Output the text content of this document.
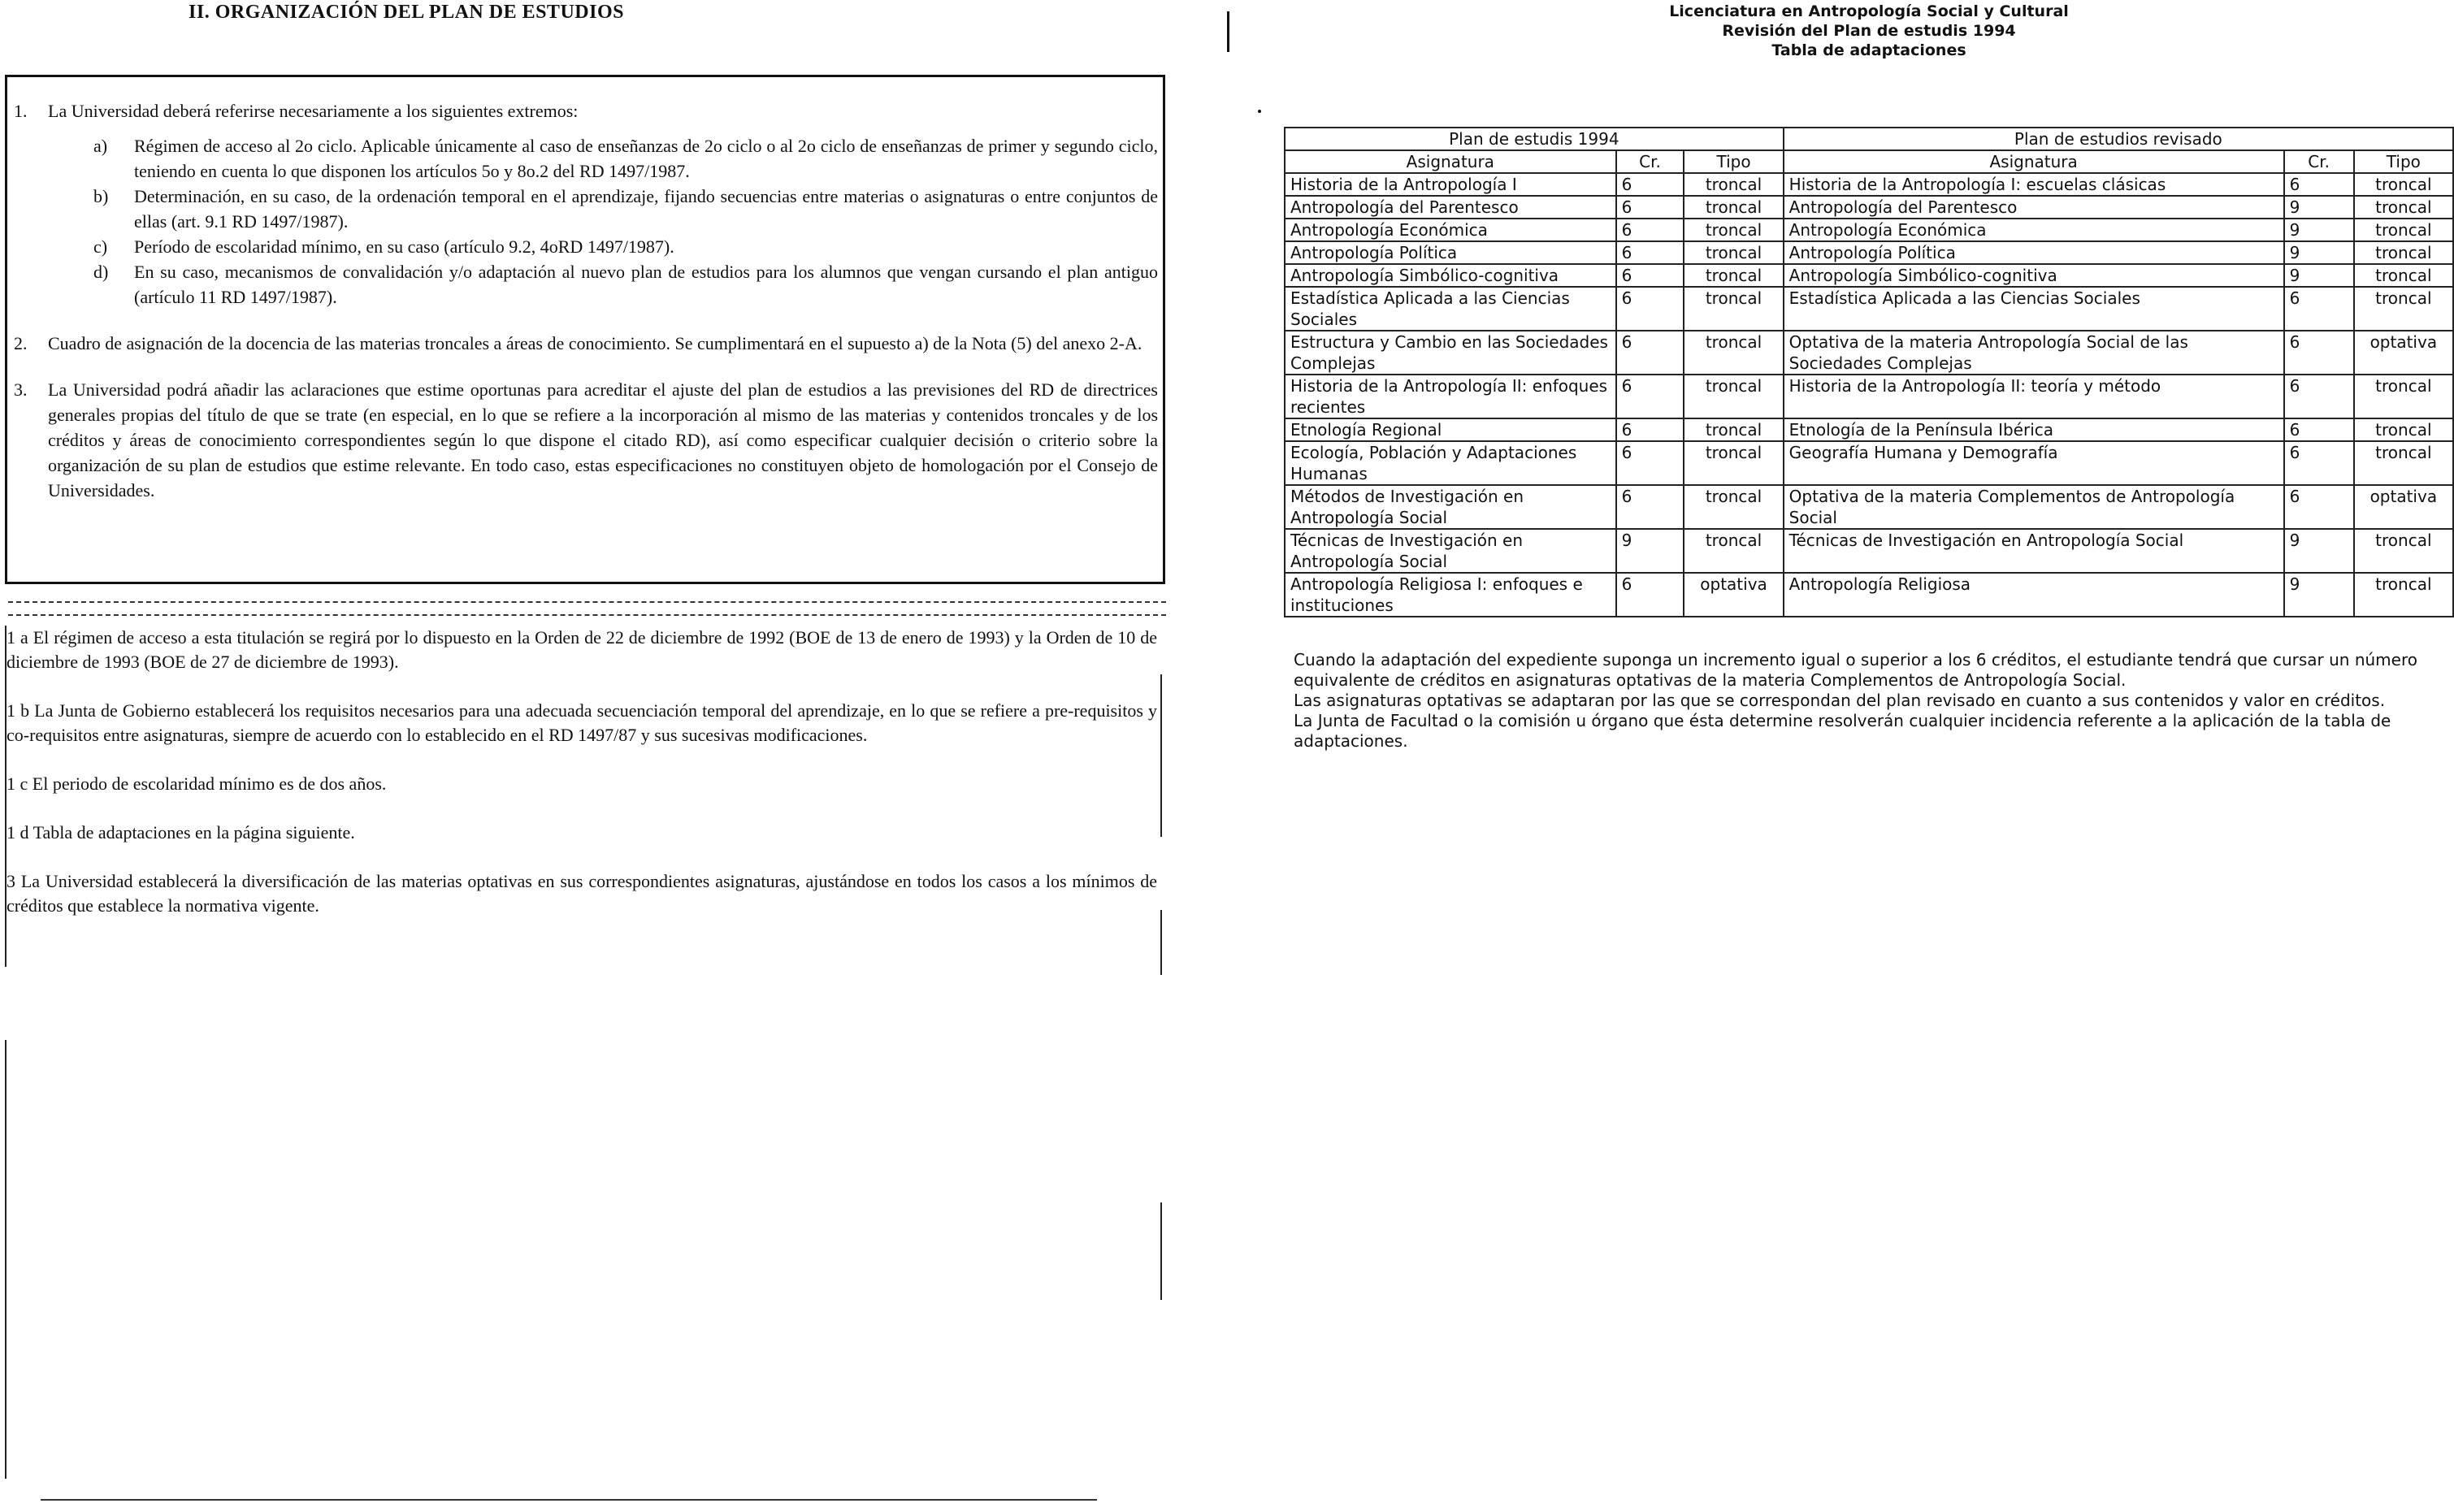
II. ORGANIZACIÓN DEL PLAN DE ESTUDIOS
1.	La Universidad deberá referirse necesariamente a los siguientes extremos:
a)	Régimen de acceso al 2o ciclo. Aplicable únicamente al caso de enseñanzas de 2o ciclo o al 2o ciclo de enseñanzas de primer y segundo ciclo, teniendo en cuenta lo que disponen los artículos 5o y 8o.2 del RD 1497/1987.
b)	Determinación, en su caso, de la ordenación temporal en el aprendizaje, fijando secuencias entre materias o asignaturas o entre conjuntos de ellas (art. 9.1 RD 1497/1987).
c)	Período de escolaridad mínimo, en su caso (artículo 9.2, 4oRD 1497/1987).
d)	En su caso, mecanismos de convalidación y/o adaptación al nuevo plan de estudios para los alumnos que vengan cursando el plan antiguo (artículo 11 RD 1497/1987).
2.	Cuadro de asignación de la docencia de las materias troncales a áreas de conocimiento. Se cumplimentará en el supuesto a) de la Nota (5) del anexo 2-A.
3.	La Universidad podrá añadir las aclaraciones que estime oportunas para acreditar el ajuste del plan de estudios a las previsiones del RD de directrices generales propias del título de que se trate (en especial, en lo que se refiere a la incorporación al mismo de las materias y contenidos troncales y de los créditos y áreas de conocimiento correspondientes según lo que dispone el citado RD), así como especificar cualquier decisión o criterio sobre la organización de su plan de estudios que estime relevante. En todo caso, estas especificaciones no constituyen objeto de homologación por el Consejo de Universidades.
1 a El régimen de acceso a esta titulación se regirá por lo dispuesto en la Orden de 22 de diciembre de 1992 (BOE de 13 de enero de 1993) y la Orden de 10 de diciembre de 1993 (BOE de 27 de diciembre de 1993).
1 b La Junta de Gobierno establecerá los requisitos necesarios para una adecuada secuenciación temporal del aprendizaje, en lo que se refiere a pre-requisitos y co-requisitos entre asignaturas, siempre de acuerdo con lo establecido en el RD 1497/87 y sus sucesivas modificaciones.
1 c El periodo de escolaridad mínimo es de dos años.
1 d Tabla de adaptaciones en la página siguiente.
3 La Universidad establecerá la diversificación de las materias optativas en sus correspondientes asignaturas, ajustándose en todos los casos a los mínimos de créditos que establece la normativa vigente.
Licenciatura en Antropología Social y Cultural
Revisión del Plan de estudis 1994
Tabla de adaptaciones
Plan de estudis 1994			Plan de estudios revisado		
Asignatura	Cr.	Tipo	Asignatura	Cr.	Tipo
Historia de la Antropología I	6	troncal	Historia de la Antropología I: escuelas clásicas	6	troncal
Antropología del Parentesco	6	troncal	Antropología del Parentesco	9	troncal
Antropología Económica	6	troncal	Antropología Económica	9	troncal
Antropología Política	6	troncal	Antropología Política	9	troncal
Antropología Simbólico-cognitiva	6	troncal	Antropología Simbólico-cognitiva	9	troncal
Estadística Aplicada a las Ciencias Sociales	6	troncal	Estadística Aplicada a las Ciencias Sociales	6	troncal
Estructura y Cambio en las Sociedades Complejas	6	troncal	Optativa de la materia Antropología Social de las Sociedades Complejas	6	optativa
Historia de la Antropología II: enfoques recientes	6	troncal	Historia de la Antropología II: teoría y método	6	troncal
Etnología Regional	6	troncal	Etnología de la Península Ibérica	6	troncal
Ecología, Población y Adaptaciones Humanas	6	troncal	Geografía Humana y Demografía	6	troncal
Métodos de Investigación en Antropología Social	6	troncal	Optativa de la materia Complementos de Antropología Social	6	optativa
Técnicas de Investigación en Antropología Social	9	troncal	Técnicas de Investigación en Antropología Social	9	troncal
Antropología Religiosa I: enfoques e instituciones	6	optativa	Antropología Religiosa	9	troncal
Cuando la adaptación del expediente suponga un incremento igual o superior a los 6 créditos, el estudiante tendrá que cursar un número equivalente de créditos en asignaturas optativas de la materia Complementos de Antropología Social.
Las asignaturas optativas se adaptaran por las que se correspondan del plan revisado en cuanto a sus contenidos y valor en créditos.
La Junta de Facultad o la comisión u órgano que ésta determine resolverán cualquier incidencia referente a la aplicación de la tabla de adaptaciones.
